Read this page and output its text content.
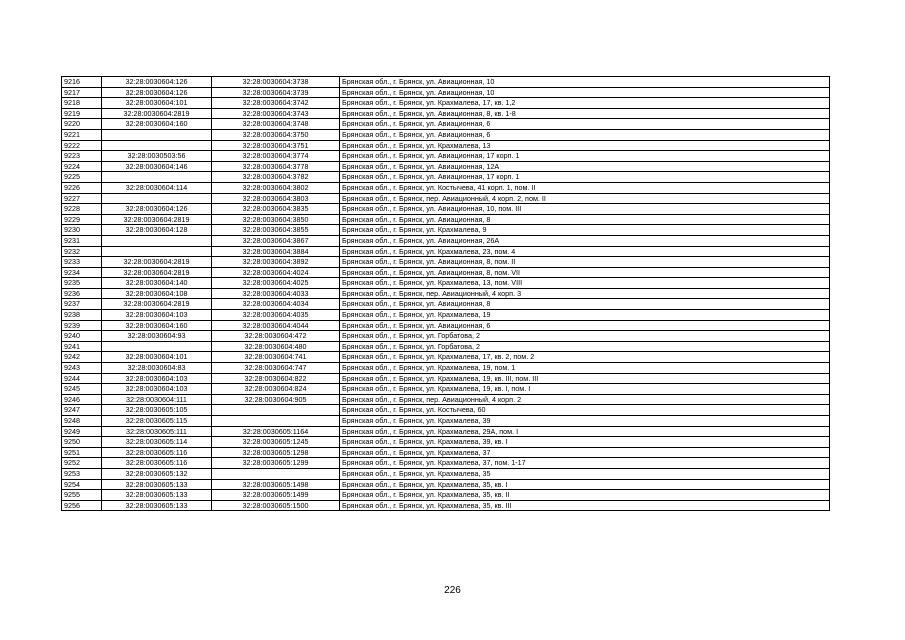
9216	32:28:0030604:126	32:28:0030604:3738	Брянская обл., г. Брянск, ул. Авиационная, 10
9217	32:28:0030604:126	32:28:0030604:3739	Брянская обл., г. Брянск, ул. Авиационная, 10
9218	32:28:0030604:101	32:28:0030604:3742	Брянская обл., г. Брянск, ул. Крахмалева, 17, кв. 1,2
9219	32:28:0030604:2819	32:28:0030604:3743	Брянская обл., г. Брянск, ул. Авиационная, 8, кв. 1-8
9220	32:28:0030604:160	32:28:0030604:3748	Брянская обл., г. Брянск, ул. Авиационная, 6
9221		32:28:0030604:3750	Брянская обл., г. Брянск, ул. Авиационная, 6
9222		32:28:0030604:3751	Брянская обл., г. Брянск, ул. Крахмалева, 13
9223	32:28:0030503:56	32:28:0030604:3774	Брянская обл., г. Брянск, ул. Авиационная, 17 корп. 1
9224	32:28:0030604:146	32:28:0030604:3778	Брянская обл., г. Брянск, ул. Авиационная, 12А
9225		32:28:0030604:3782	Брянская обл., г. Брянск, ул. Авиационная, 17 корп. 1
9226	32:28:0030604:114	32:28:0030604:3802	Брянская обл., г. Брянск, ул. Костычева, 41 корп. 1, пом. II
9227		32:28:0030604:3803	Брянская обл., г. Брянск, пер. Авиационный, 4 корп. 2, пом. II
9228	32:28:0030604:126	32:28:0030604:3835	Брянская обл., г. Брянск, ул. Авиационная, 10, пом. III
9229	32:28:0030604:2819	32:28:0030604:3850	Брянская обл., г. Брянск, ул. Авиационная, 8
9230	32:28:0030604:128	32:28:0030604:3855	Брянская обл., г. Брянск, ул. Крахмалева, 9
9231		32:28:0030604:3867	Брянская обл., г. Брянск, ул. Авиационная, 26А
9232		32:28:0030604:3884	Брянская обл., г. Брянск, ул. Крахмалева, 23, пом. 4
9233	32:28:0030604:2819	32:28:0030604:3892	Брянская обл., г. Брянск, ул. Авиационная, 8, пом. II
9234	32:28:0030604:2819	32:28:0030604:4024	Брянская обл., г. Брянск, ул. Авиационная, 8, пом. VII
9235	32:28:0030604:140	32:28:0030604:4025	Брянская обл., г. Брянск, ул. Крахмалева, 13, пом. VIII
9236	32:28:0030604:108	32:28:0030604:4033	Брянская обл., г. Брянск, пер. Авиационный, 4 корп. 3
9237	32:28:0030604:2819	32:28:0030604:4034	Брянская обл., г. Брянск, ул. Авиационная, 8
9238	32:28:0030604:103	32:28:0030604:4035	Брянская обл., г. Брянск, ул. Крахмалева, 19
9239	32:28:0030604:160	32:28:0030604:4044	Брянская обл., г. Брянск, ул. Авиационная, 6
9240	32:28:0030604:93	32:28:0030604:472	Брянская обл., г. Брянск, ул. Горбатова, 2
9241		32:28:0030604:480	Брянская обл., г. Брянск, ул. Горбатова, 2
9242	32:28:0030604:101	32:28:0030604:741	Брянская обл., г. Брянск, ул. Крахмалева, 17, кв. 2, пом. 2
9243	32:28:0030604:83	32:28:0030604:747	Брянская обл., г. Брянск, ул. Крахмалева, 19, пом. 1
9244	32:28:0030604:103	32:28:0030604:822	Брянская обл., г. Брянск, ул. Крахмалева, 19, кв. III, пом. III
9245	32:28:0030604:103	32:28:0030604:824	Брянская обл., г. Брянск, ул. Крахмалева, 19, кв. I, пом. I
9246	32:28:0030604:111	32:28:0030604:905	Брянская обл., г. Брянск, пер. Авиационный, 4 корп. 2
9247	32:28:0030605:105		Брянская обл., г. Брянск, ул. Костычева, 60
9248	32:28:0030605:115		Брянская обл., г. Брянск, ул. Крахмалева, 39
9249	32:28:0030605:111	32:28:0030605:1164	Брянская обл., г. Брянск, ул. Крахмалева, 29А, пом. I
9250	32:28:0030605:114	32:28:0030605:1245	Брянская обл., г. Брянск, ул. Крахмалева, 39, кв. I
9251	32:28:0030605:116	32:28:0030605:1298	Брянская обл., г. Брянск, ул. Крахмалева, 37
9252	32:28:0030605:116	32:28:0030605:1299	Брянская обл., г. Брянск, ул. Крахмалева, 37, пом. 1-17
9253	32:28:0030605:132		Брянская обл., г. Брянск, ул. Крахмалева, 35
9254	32:28:0030605:133	32:28:0030605:1498	Брянская обл., г. Брянск, ул. Крахмалева, 35, кв. I
9255	32:28:0030605:133	32:28:0030605:1499	Брянская обл., г. Брянск, ул. Крахмалева, 35, кв. II
9256	32:28:0030605:133	32:28:0030605:1500	Брянская обл., г. Брянск, ул. Крахмалева, 35, кв. III
226
